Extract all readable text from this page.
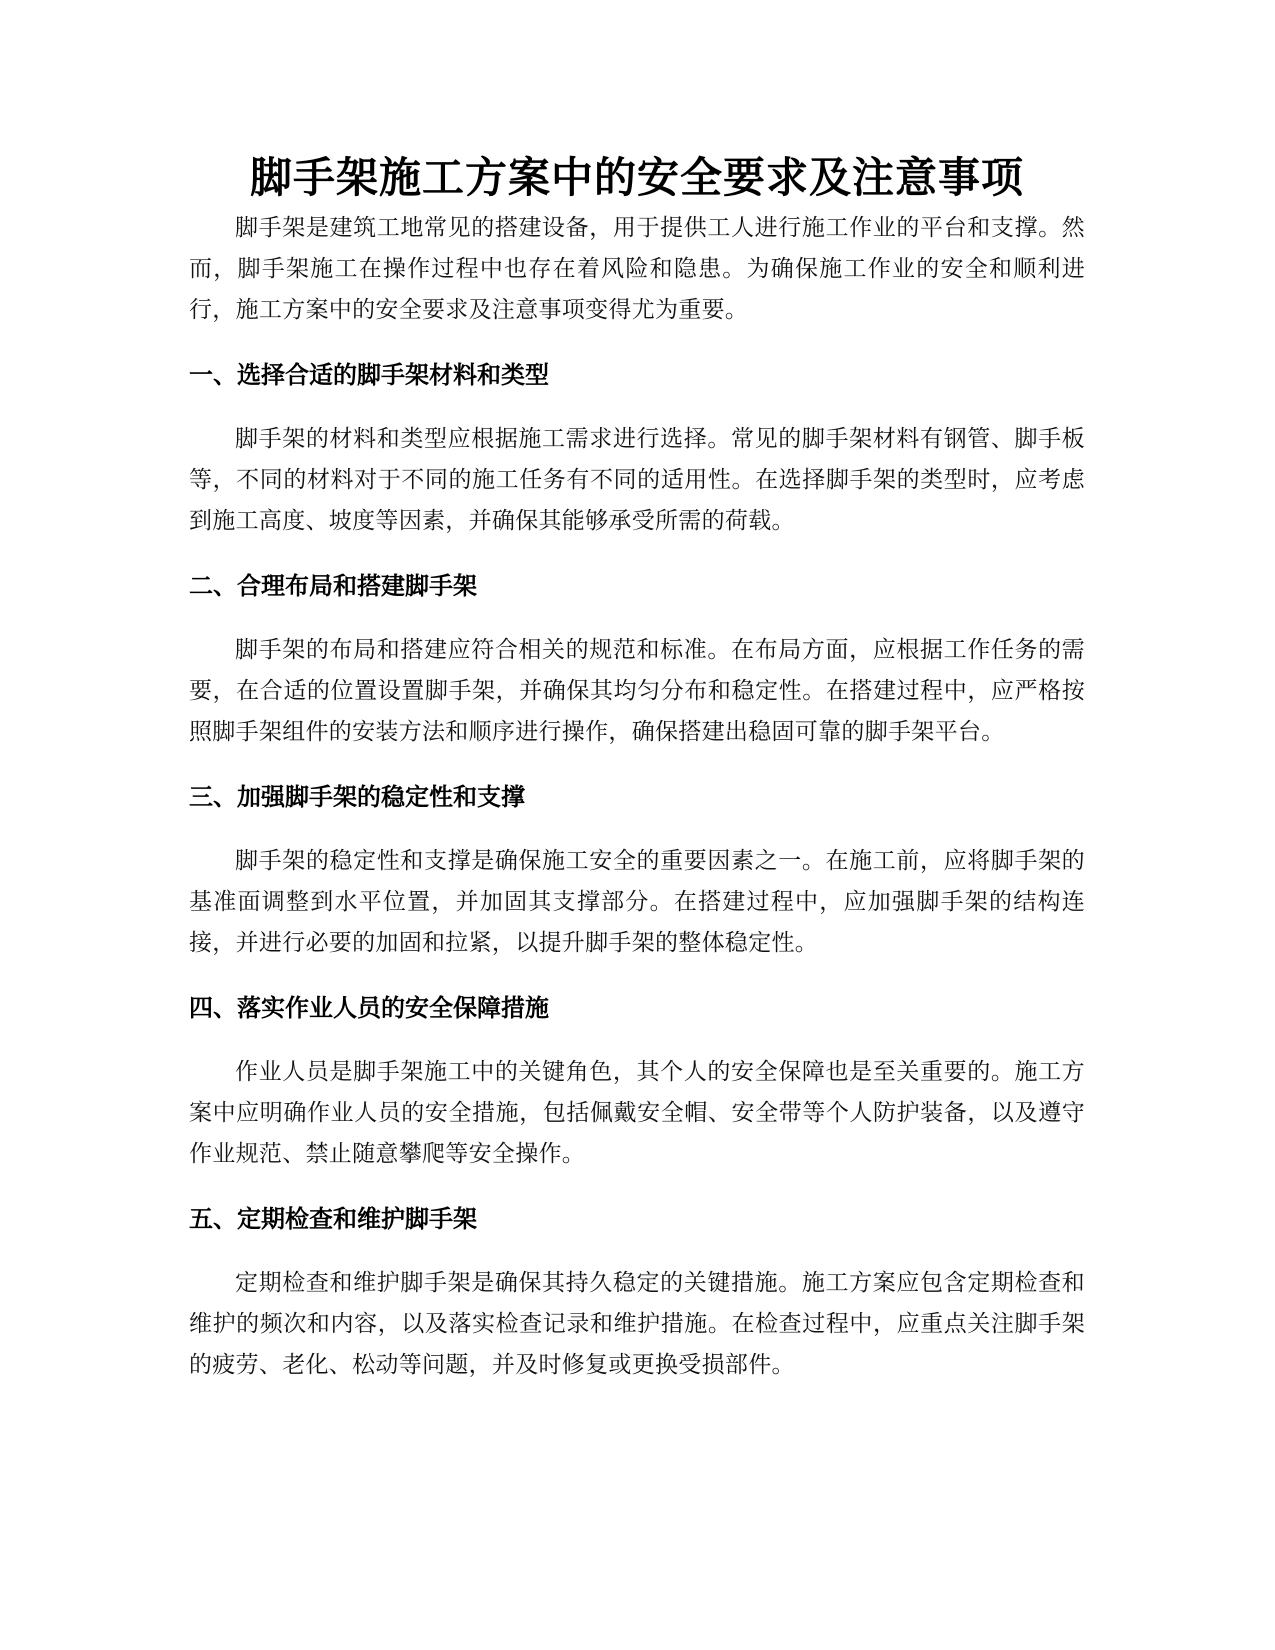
脚手架施工方案中的安全要求及注意事项

脚手架是建筑工地常见的搭建设备，用于提供工人进行施工作业的平台和支撑。然而，脚手架施工在操作过程中也存在着风险和隐患。为确保施工作业的安全和顺利进行，施工方案中的安全要求及注意事项变得尤为重要。

一、选择合适的脚手架材料和类型

脚手架的材料和类型应根据施工需求进行选择。常见的脚手架材料有钢管、脚手板等，不同的材料对于不同的施工任务有不同的适用性。在选择脚手架的类型时，应考虑到施工高度、坡度等因素，并确保其能够承受所需的荷载。

二、合理布局和搭建脚手架

脚手架的布局和搭建应符合相关的规范和标准。在布局方面，应根据工作任务的需要，在合适的位置设置脚手架，并确保其均匀分布和稳定性。在搭建过程中，应严格按照脚手架组件的安装方法和顺序进行操作，确保搭建出稳固可靠的脚手架平台。

三、加强脚手架的稳定性和支撑

脚手架的稳定性和支撑是确保施工安全的重要因素之一。在施工前，应将脚手架的基准面调整到水平位置，并加固其支撑部分。在搭建过程中，应加强脚手架的结构连接，并进行必要的加固和拉紧，以提升脚手架的整体稳定性。

四、落实作业人员的安全保障措施

作业人员是脚手架施工中的关键角色，其个人的安全保障也是至关重要的。施工方案中应明确作业人员的安全措施，包括佩戴安全帽、安全带等个人防护装备，以及遵守作业规范、禁止随意攀爬等安全操作。

五、定期检查和维护脚手架

定期检查和维护脚手架是确保其持久稳定的关键措施。施工方案应包含定期检查和维护的频次和内容，以及落实检查记录和维护措施。在检查过程中，应重点关注脚手架的疲劳、老化、松动等问题，并及时修复或更换受损部件。
